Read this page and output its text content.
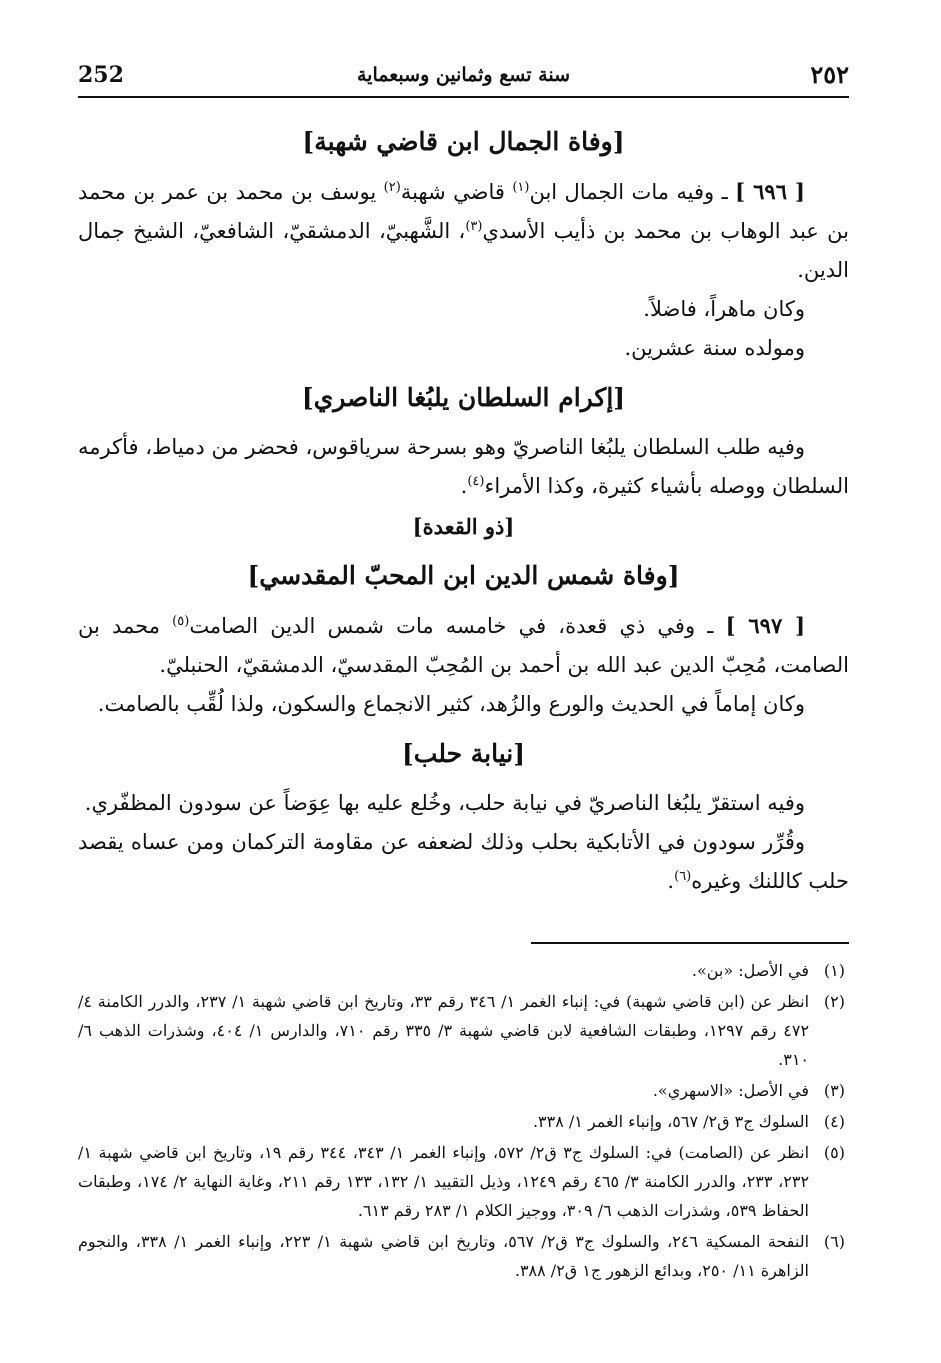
252	سنة تسع وثمانين وسبعماية	٢٥٢
[وفاة الجمال ابن قاضي شهبة]

[ ٦٩٦ ] ـ وفيه مات الجمال ابن$^{(١)}$ قاضي شهبة$^{(٢)}$ يوسف بن محمد بن عمر بن محمد بن عبد الوهاب بن محمد بن ذأيب الأسدي$^{(٣)}$، الشَّهبيّ، الدمشقيّ، الشافعيّ، الشيخ جمال الدين.

وكان ماهراً، فاضلاً.

ومولده سنة عشرين.

[إكرام السلطان يلبُغا الناصري]

وفيه طلب السلطان يلبُغا الناصريّ وهو بسرحة سرياقوس، فحضر من دمياط، فأكرمه السلطان ووصله بأشياء كثيرة، وكذا الأمراء$^{(٤)}$.

[ذو القعدة]
[وفاة شمس الدين ابن المحبّ المقدسي]

[ ٦٩٧ ] ـ وفي ذي قعدة، في خامسه مات شمس الدين الصامت$^{(٥)}$ محمد بن الصامت، مُحِبّ الدين عبد الله بن أحمد بن المُحِبّ المقدسيّ، الدمشقيّ، الحنبليّ.

وكان إماماً في الحديث والورع والزُهد، كثير الانجماع والسكون، ولذا لُقِّب بالصامت.

[نيابة حلب]

وفيه استقرّ يلبُغا الناصريّ في نيابة حلب، وخُلع عليه بها عِوَضاً عن سودون المظفّري.

وقُرِّر سودون في الأتابكية بحلب وذلك لضعفه عن مقاومة التركمان ومن عساه يقصد حلب كاللنك وغيره$^{(٦)}$.

(١)
في الأصل: «بن».
(٢)
انظر عن (ابن قاضي شهبة) في: إنباء الغمر ١/ ٣٤٦ رقم ٣٣، وتاريخ ابن قاضي شهبة ١/ ٢٣٧، والدرر الكامنة ٤/ ٤٧٢ رقم ١٢٩٧، وطبقات الشافعية لابن قاضي شهبة ٣/ ٣٣٥ رقم ٧١٠، والدارس ١/ ٤٠٤، وشذرات الذهب ٦/ ٣١٠.
(٣)
في الأصل: «الاسهري».
(٤)
السلوك ج٣ ق٢/ ٥٦٧، وإنباء الغمر ١/ ٣٣٨.
(٥)
انظر عن (الصامت) في: السلوك ج٣ ق٢/ ٥٧٢، وإنباء الغمر ١/ ٣٤٣، ٣٤٤ رقم ١٩، وتاريخ ابن قاضي شهبة ١/ ٢٣٢، ٢٣٣، والدرر الكامنة ٣/ ٤٦٥ رقم ١٢٤٩، وذيل التقييد ١/ ١٣٢، ١٣٣ رقم ٢١١، وغاية النهاية ٢/ ١٧٤، وطبقات الحفاظ ٥٣٩، وشذرات الذهب ٦/ ٣٠٩، ووجيز الكلام ١/ ٢٨٣ رقم ٦١٣.
(٦)
النفحة المسكية ٢٤٦، والسلوك ج٣ ق٢/ ٥٦٧، وتاريخ ابن قاضي شهبة ١/ ٢٢٣، وإنباء الغمر ١/ ٣٣٨، والنجوم الزاهرة ١١/ ٢٥٠، وبدائع الزهور ج١ ق٢/ ٣٨٨.
